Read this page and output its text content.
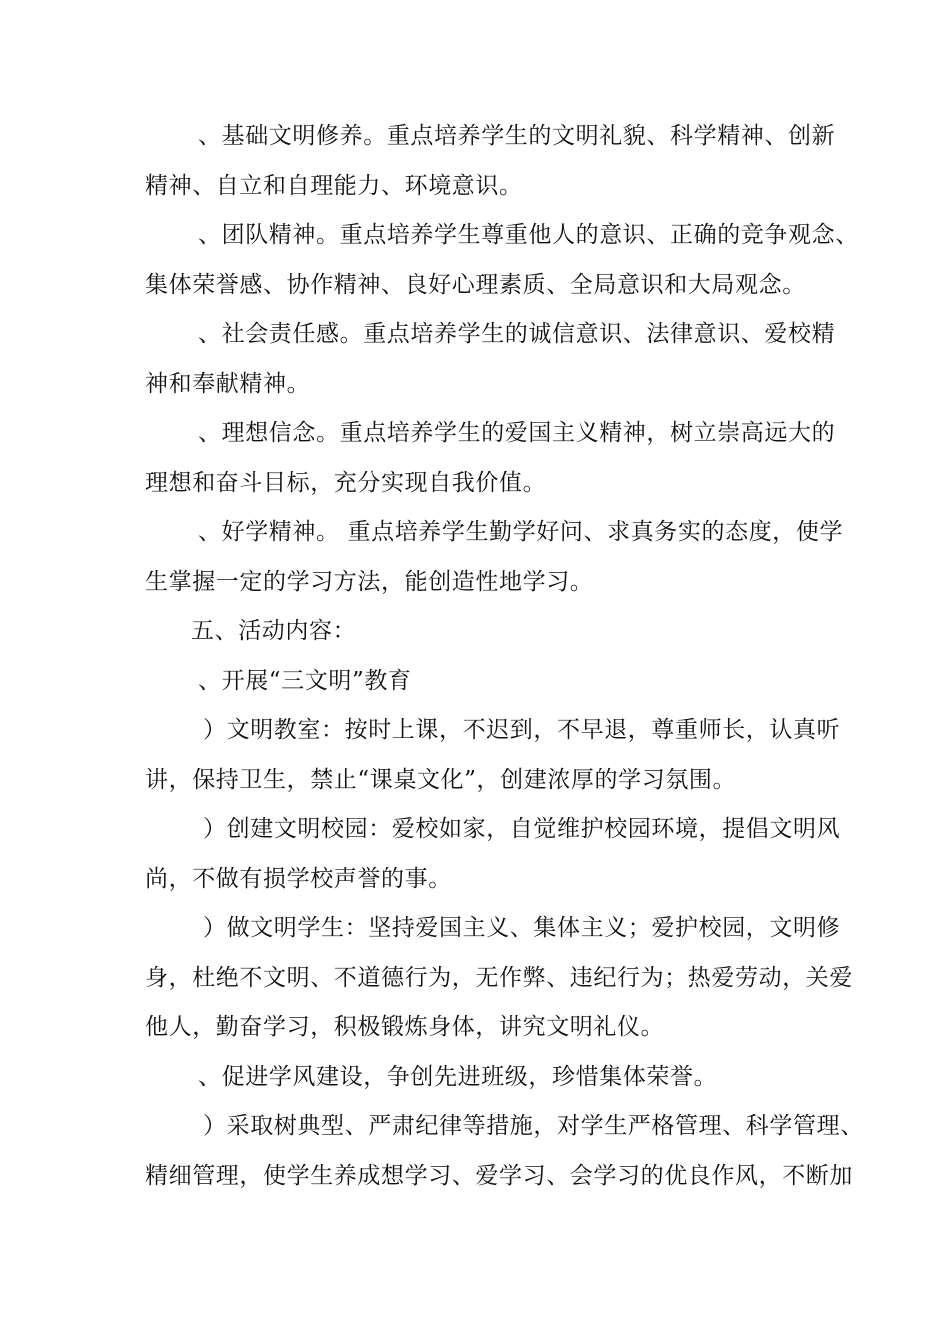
、基础文明修养。重点培养学生的文明礼貌、科学精神、创新
精神、自立和自理能力、环境意识。
、团队精神。重点培养学生尊重他人的意识、正确的竞争观念、
集体荣誉感、协作精神、良好心理素质、全局意识和大局观念。
、社会责任感。重点培养学生的诚信意识、法律意识、爱校精
神和奉献精神。
、理想信念。重点培养学生的爱国主义精神，树立崇高远大的
理想和奋斗目标，充分实现自我价值。
、好学精神。 重点培养学生勤学好问、求真务实的态度，使学
生掌握一定的学习方法，能创造性地学习。
五、活动内容：
、开展“三文明”教育
）文明教室：按时上课，不迟到，不早退，尊重师长，认真听
讲，保持卫生，禁止“课桌文化”，创建浓厚的学习氛围。
）创建文明校园：爱校如家，自觉维护校园环境，提倡文明风
尚，不做有损学校声誉的事。
）做文明学生：坚持爱国主义、集体主义；爱护校园，文明修
身，杜绝不文明、不道德行为，无作弊、违纪行为；热爱劳动，关爱
他人，勤奋学习，积极锻炼身体，讲究文明礼仪。
、促进学风建设，争创先进班级，珍惜集体荣誉。
）采取树典型、严肃纪律等措施，对学生严格管理、科学管理、
精细管理，使学生养成想学习、爱学习、会学习的优良作风，不断加
